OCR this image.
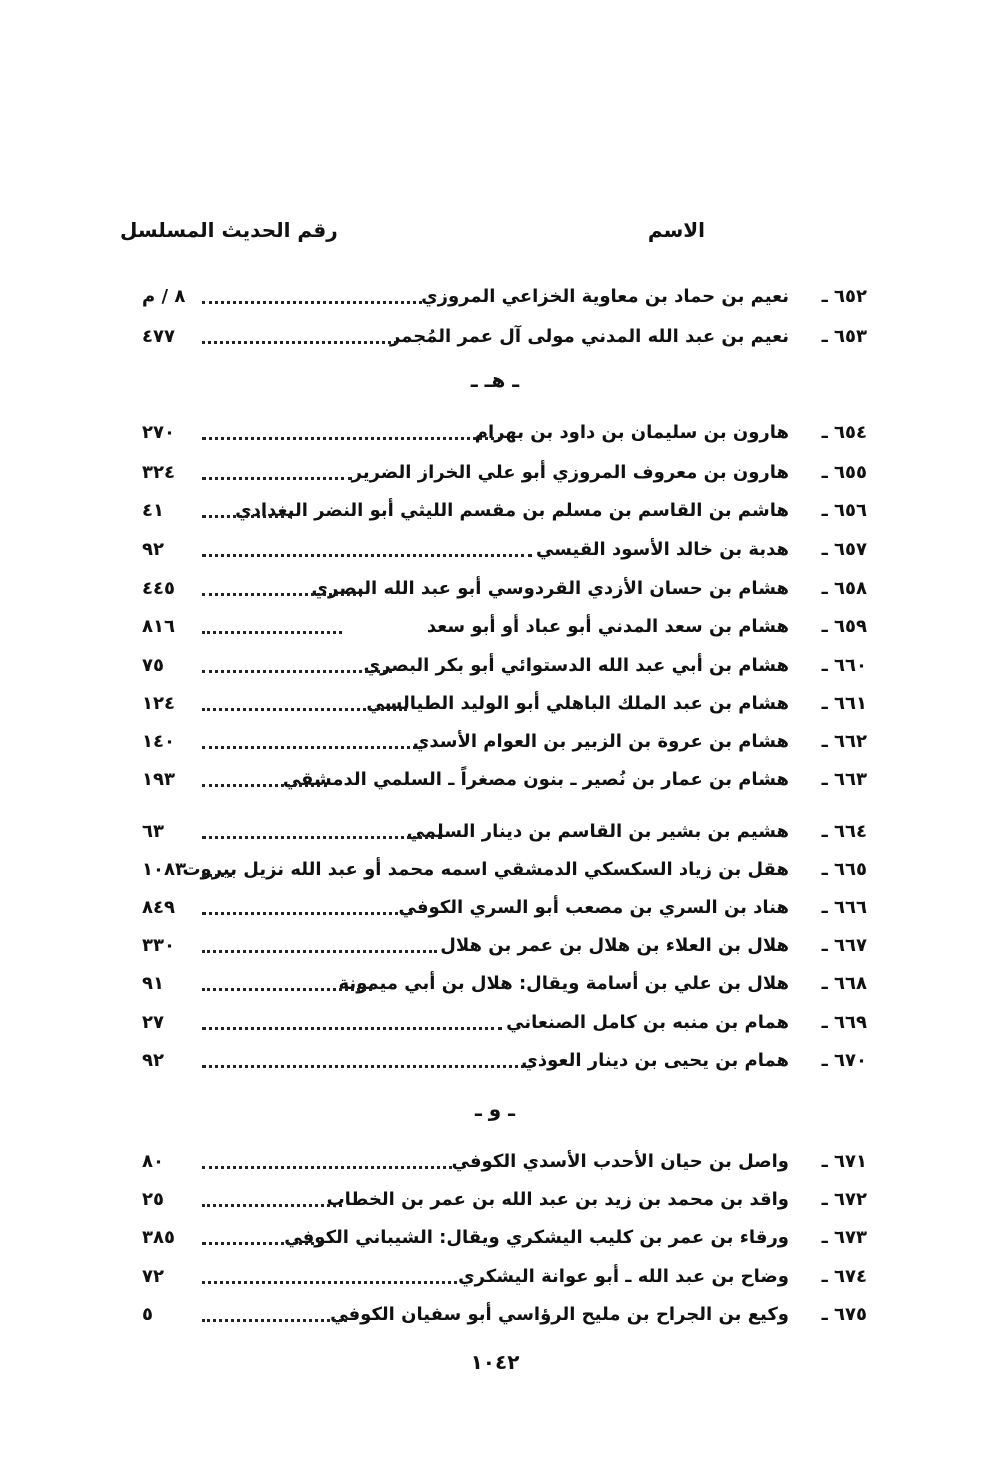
الاسم
رقم الحديث المسلسل
٦٥٢ ـ
نعيم بن حماد بن معاوية الخزاعي المروزي
٨ / م
٦٥٣ ـ
نعيم بن عبد الله المدني مولى آل عمر المُجمر
٤٧٧
ـ هـ ـ
٦٥٤ ـ
هارون بن سليمان بن داود بن بهرام
٢٧٠
٦٥٥ ـ
هارون بن معروف المروزي أبو علي الخراز الضرير
٣٢٤
٦٥٦ ـ
هاشم بن القاسم بن مسلم بن مقسم الليثي أبو النضر البغدادي
٤١
٦٥٧ ـ
هدبة بن خالد الأسود القيسي
٩٢
٦٥٨ ـ
هشام بن حسان الأزدي القردوسي أبو عبد الله البصري
٤٤٥
٦٥٩ ـ
هشام بن سعد المدني أبو عباد أو أبو سعد
٨١٦
٦٦٠ ـ
هشام بن أبي عبد الله الدستوائي أبو بكر البصري
٧٥
٦٦١ ـ
هشام بن عبد الملك الباهلي أبو الوليد الطيالسي
١٢٤
٦٦٢ ـ
هشام بن عروة بن الزبير بن العوام الأسدي
١٤٠
٦٦٣ ـ
هشام بن عمار بن نُصير ـ بنون مصغراً ـ السلمي الدمشقي
١٩٣
٦٦٤ ـ
هشيم بن بشير بن القاسم بن دينار السلمي
٦٣
٦٦٥ ـ
هقل بن زياد السكسكي الدمشقي اسمه محمد أو عبد الله نزيل بيروت
١٠٨٣
٦٦٦ ـ
هناد بن السري بن مصعب أبو السري الكوفي
٨٤٩
٦٦٧ ـ
هلال بن العلاء بن هلال بن عمر بن هلال
٣٣٠
٦٦٨ ـ
هلال بن علي بن أسامة ويقال: هلال بن أبي ميمونة
٩١
٦٦٩ ـ
همام بن منبه بن كامل الصنعاني
٢٧
٦٧٠ ـ
همام بن يحيى بن دينار العوذي
٩٢
ـ و ـ
٦٧١ ـ
واصل بن حيان الأحدب الأسدي الكوفي
٨٠
٦٧٢ ـ
واقد بن محمد بن زيد بن عبد الله بن عمر بن الخطاب
٢٥
٦٧٣ ـ
ورقاء بن عمر بن كليب اليشكري ويقال: الشيباني الكوفي
٣٨٥
٦٧٤ ـ
وضاح بن عبد الله ـ أبو عوانة اليشكري
٧٢
٦٧٥ ـ
وكيع بن الجراح بن مليح الرؤاسي أبو سفيان الكوفي
٥
١٠٤٢
